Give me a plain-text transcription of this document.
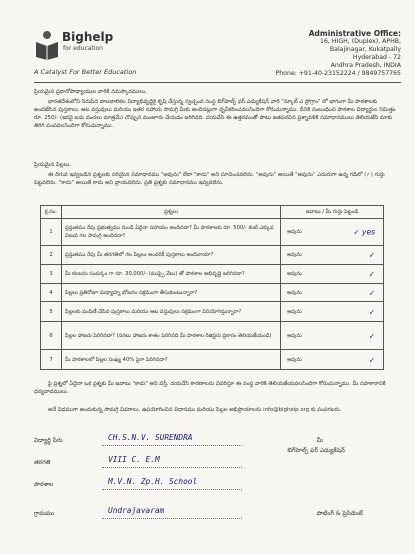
Bighelp
for education
A Catalyst For Better Education
Administrative Office:
16, HIGH, (Duplex), APHB,
Balajinagar, Kukatpally
Hyderabad - 72
Andhra Pradesh, INDIA
Phone: +91-40-23152224 / 9849757765
ప్రియమైన ప్రధానోపాధ్యాయుల వారికి నమస్కారములు,
భారతదేశంలోని నిరుపేద బాలబాలికల విద్యాభివృద్ధికై కృషి చేస్తున్న స్వచ్ఛంద సంస్థ బిగ్‌హెల్ప్ ఫర్ ఎడ్యుకేషన్ వారి "స్కూల్ ఎ ప్రోగ్రాం" లో భాగంగా మీ పాఠశాలకు అందజేసిన పుస్తకాలు, ఆట వస్తువులు మరియు ఇతర సహాయ సామగ్రి మీకు అందినట్లుగా ధృవీకరించవలసిందిగా కోరుచున్నాము. దీనికి సంబంధించి పాఠశాల విద్యార్థుల నిమిత్తం రూ. 250/- (ఇరవై ఐదు వందలు మాత్రమే) చొప్పున మంజూరు చేయడం జరిగినది. దయచేసి ఈ ఉత్తరముతో పాటు జతపరచిన ప్రశ్నావళికి సమాధానములు తెలియజేసి మాకు తిరిగి పంపవలసిందిగా కోరుచున్నాము.
ప్రియమైన పిల్లలు,
ఈ దిగువ ఇవ్వబడిన ప్రశ్నలకు సరియైన సమాధానము "అవును" లేదా "కాదు" అని సూచించవలెను. "అవును" అయితే "అవును" ఎదురుగా ఉన్న గడిలో (✓) గుర్తు పెట్టవలెను. "కాదు" అయితే కాదు అని వ్రాయవలెను. ప్రతి ప్రశ్నకు సమాధానము ఇవ్వవలెను.
క్ర.సం.	ప్రశ్నలు	జవాబు / మీ గుర్తు పెట్టండి
1	ప్రస్తుతము రేపు ప్రభుత్వము నుండి ఏదైనా సహాయం అందినదా? మీ పాఠశాలకు రూ. 500/- కంటే ఎక్కువ విలువ గల సామగ్రి అందినదా?	అవును ✓ yes

2	ప్రస్తుతము రేపు మీ తరగతిలో గల పిల్లలు అందరికీ పుస్తకాలు అందినాయా?	అవును ✓

3	మీ కలలను సంపర్కం గా రూ. 30,000/- (ముప్పై వేలు) తో పాఠశాల అభివృద్ధి జరిగినదా?	అవును ✓

4	పిల్లలు ప్రతిరోజూ మధ్యాహ్న భోజనం సక్రమంగా తీసుకుంటున్నారా?	అవును ✓

5	పిల్లలకు పంపిణీ చేసిన పుస్తకాలు మరియు ఆట వస్తువులు సక్రమంగా వినియోగిస్తున్నారా?	అవును ✓

6	పిల్లల హాజరు పెరిగినదా? (సగటు హాజరు శాతం పెరిగినది మీ పాఠశాల రిజిస్టరు ప్రకారం తెలియజేయండి)	అవును ✓

7	మీ పాఠశాలలో పిల్లల సంఖ్య 40% పైగా పెరిగినదా?	అవును ✓
పై ప్రశ్నలో ఏదైనా ఒక ప్రశ్నకు మీ జవాబు "కాదు" అని వస్తే, దయచేసి కారణాలను వివరిస్తూ ఈ సంస్థ వారికి తెలియజేయవలసిందిగా కోరుచున్నాము. మీ సహకారానికి ధన్యవాదములు.
అదే విధముగా అందుకున్న సామగ్రి వివరాలు, ఉపయోగించిన విధానము మరియు పిల్లల అభిప్రాయాలను info@bighelp.org కు పంపగలరు.
విద్యార్థి పేరు	CH.S.N.V. SURENDRA
తరగతి	VIII C. E.M
పాఠశాల	M.V.N. Zp.H. School
గ్రామము	Undrajavaram
మీ
బిగ్‌హెల్ప్ ఫర్ ఎడ్యుకేషన్
పాటింగ్ & ప్రెసిడెంట్
